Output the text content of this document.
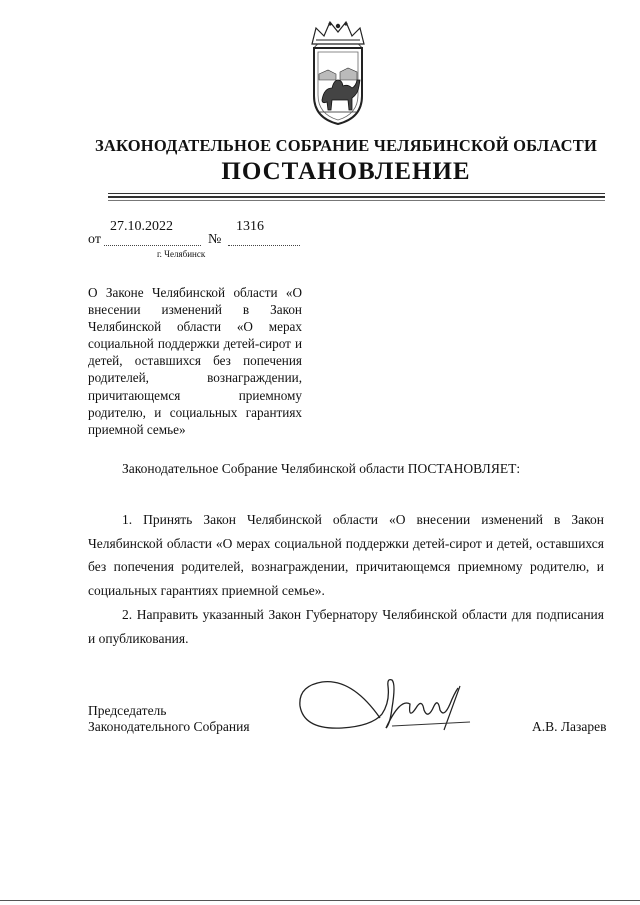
ЗАКОНОДАТЕЛЬНОЕ СОБРАНИЕ ЧЕЛЯБИНСКОЙ ОБЛАСТИ
ПОСТАНОВЛЕНИЕ
27.10.2022	1316
от	№
г. Челябинск
О Законе Челябинской области «О внесении изменений в Закон Челябинской области «О мерах социальной поддержки детей-сирот и детей, оставшихся без попечения родителей, вознаграждении, причитающемся приемному родителю, и социальных гарантиях приемной семье»
Законодательное Собрание Челябинской области ПОСТАНОВЛЯЕТ:

1. Принять Закон Челябинской области «О внесении изменений в Закон Челябинской области «О мерах социальной поддержки детей-сирот и детей, оставшихся без попечения родителей, вознаграждении, причитающемся приемному родителю, и социальных гарантиях приемной семье».

2. Направить указанный Закон Губернатору Челябинской области для подписания и опубликования.

Председатель
Законодательного Собрания	А.В. Лазарев
